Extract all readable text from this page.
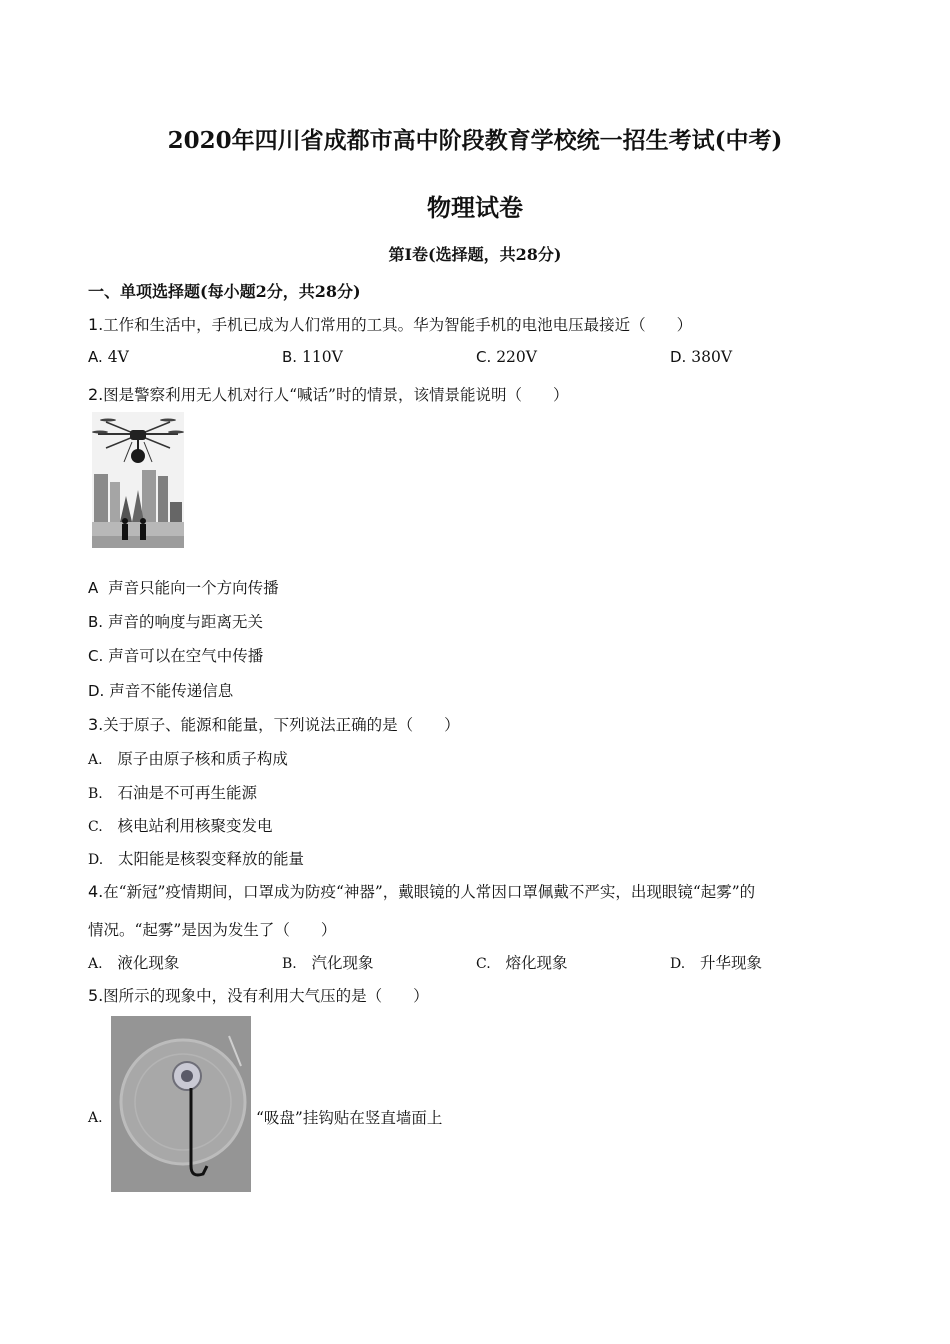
2020年四川省成都市高中阶段教育学校统一招生考试(中考)
物理试卷
第I卷(选择题，共28分)
一、单项选择题(每小题2分，共28分)
1.工作和生活中，手机已成为人们常用的工具。华为智能手机的电池电压最接近（　　）
A. 4V	B. 110V	C. 220V	D. 380V
2.图是警察利用无人机对行人“喊话”时的情景，该情景能说明（　　）
A 声音只能向一个方向传播
B. 声音的响度与距离无关
C. 声音可以在空气中传播
D. 声音不能传递信息
3.关于原子、能源和能量，下列说法正确的是（　　）
A. 原子由原子核和质子构成
B. 石油是不可再生能源
C. 核电站利用核聚变发电
D. 太阳能是核裂变释放的能量
4.在“新冠”疫情期间，口罩成为防疫“神器”，戴眼镜的人常因口罩佩戴不严实，出现眼镜“起雾”的
情况。“起雾”是因为发生了（　　）
A. 液化现象	B. 汽化现象	C. 熔化现象	D. 升华现象
5.图所示的现象中，没有利用大气压的是（　　）
A.	“吸盘”挂钩贴在竖直墙面上
